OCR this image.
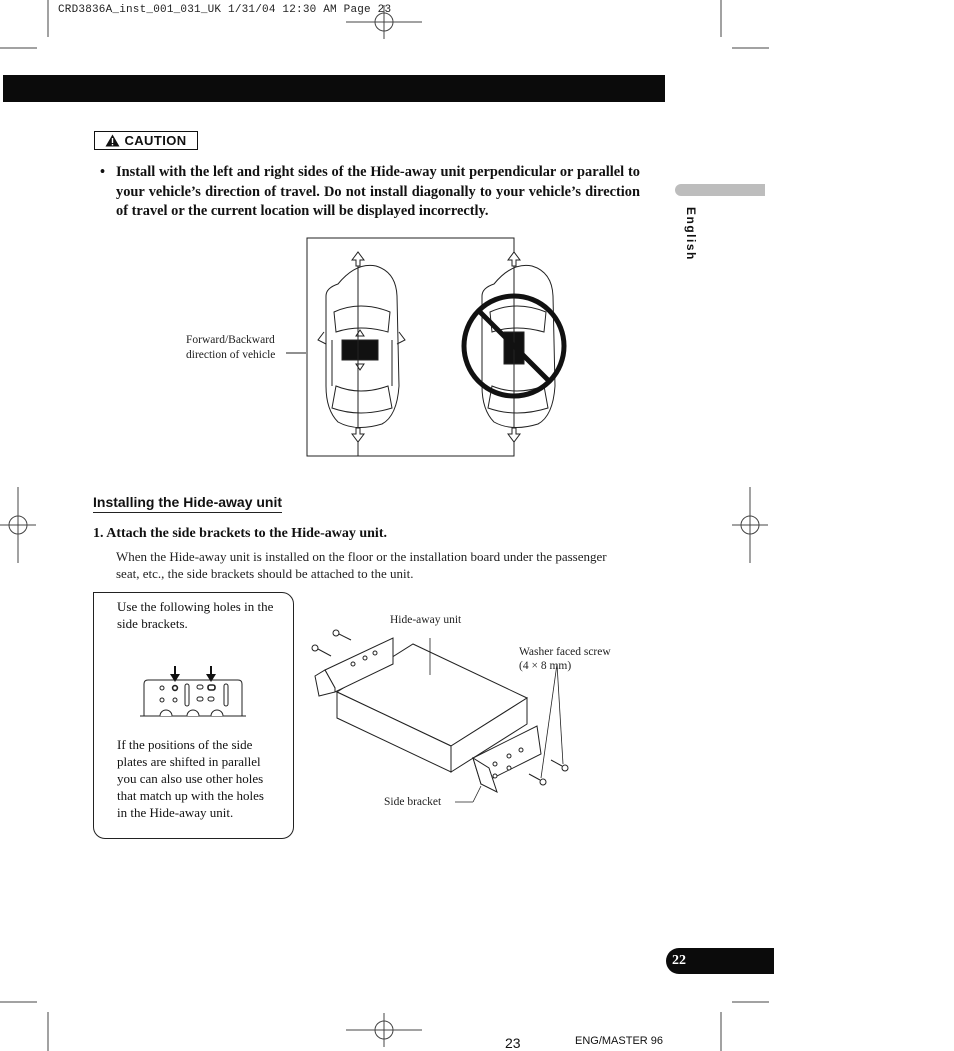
CRD3836A_inst_001_031_UK 1/31/04 12:30 AM Page 23
CAUTION
• Install with the left and right sides of the Hide-away unit perpendicular or parallel to your vehicle’s direction of travel. Do not install diagonally to your vehicle’s direction of travel or the current location will be displayed incorrectly.	English
Forward/Backward
direction of vehicle
Installing the Hide-away unit
1. Attach the side brackets to the Hide-away unit.
When the Hide-away unit is installed on the floor or the installation board under the passenger seat, etc., the side brackets should be attached to the unit.
Use the following holes in the side brackets.
If the positions of the side plates are shifted in parallel you can also use other holes that match up with the holes in the Hide-away unit.
Hide-away unit
Washer faced screw
(4 × 8 mm)
Side bracket
22
23	ENG/MASTER 96
